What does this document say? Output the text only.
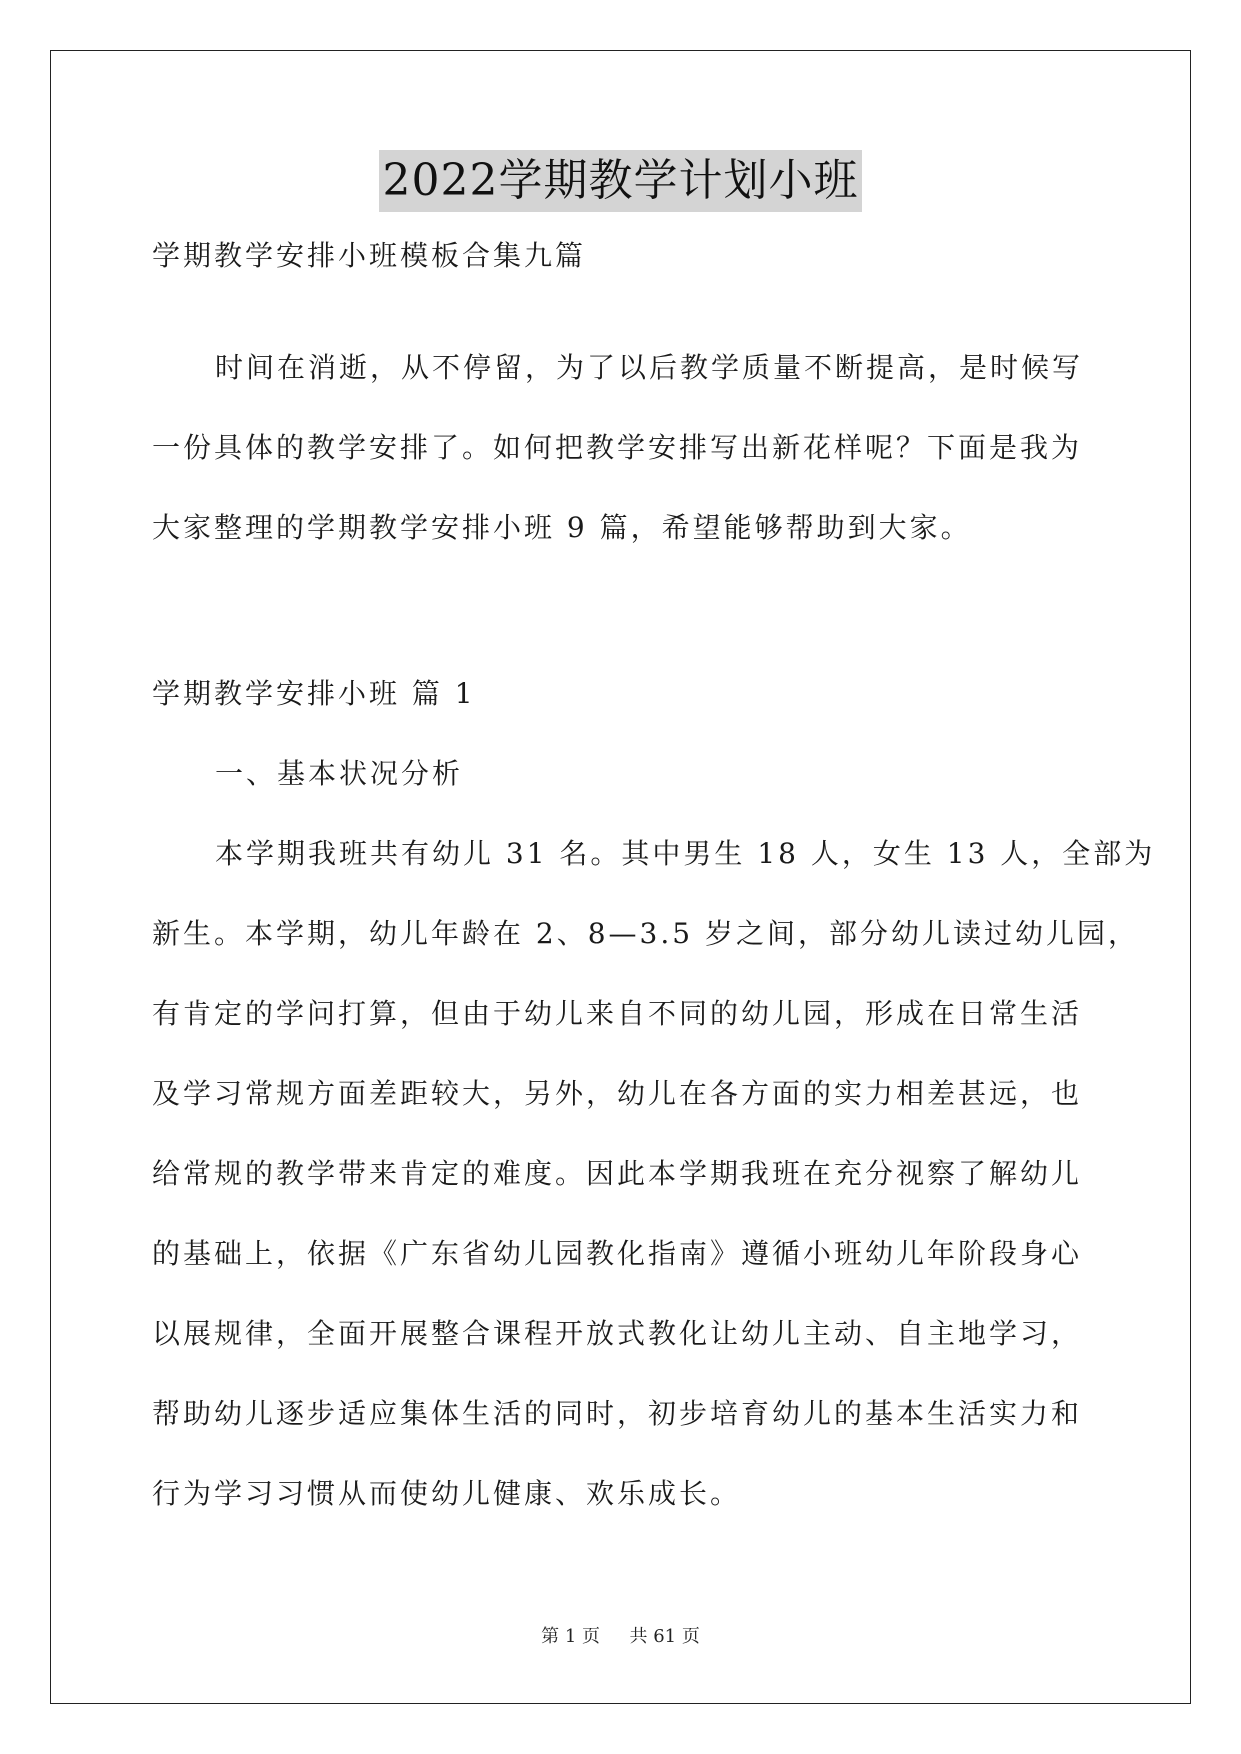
2022学期教学计划小班
学期教学安排小班模板合集九篇
时间在消逝，从不停留，为了以后教学质量不断提高，是时候写
一份具体的教学安排了。如何把教学安排写出新花样呢？下面是我为
大家整理的学期教学安排小班 9 篇，希望能够帮助到大家。
学期教学安排小班 篇 1
一、基本状况分析
本学期我班共有幼儿 31 名。其中男生 18 人，女生 13 人，全部为
新生。本学期，幼儿年龄在 2、8—3.5 岁之间，部分幼儿读过幼儿园，
有肯定的学问打算，但由于幼儿来自不同的幼儿园，形成在日常生活
及学习常规方面差距较大，另外，幼儿在各方面的实力相差甚远，也
给常规的教学带来肯定的难度。因此本学期我班在充分视察了解幼儿
的基础上，依据《广东省幼儿园教化指南》遵循小班幼儿年阶段身心
以展规律，全面开展整合课程开放式教化让幼儿主动、自主地学习，
帮助幼儿逐步适应集体生活的同时，初步培育幼儿的基本生活实力和
行为学习习惯从而使幼儿健康、欢乐成长。
第 1 页 共 61 页
